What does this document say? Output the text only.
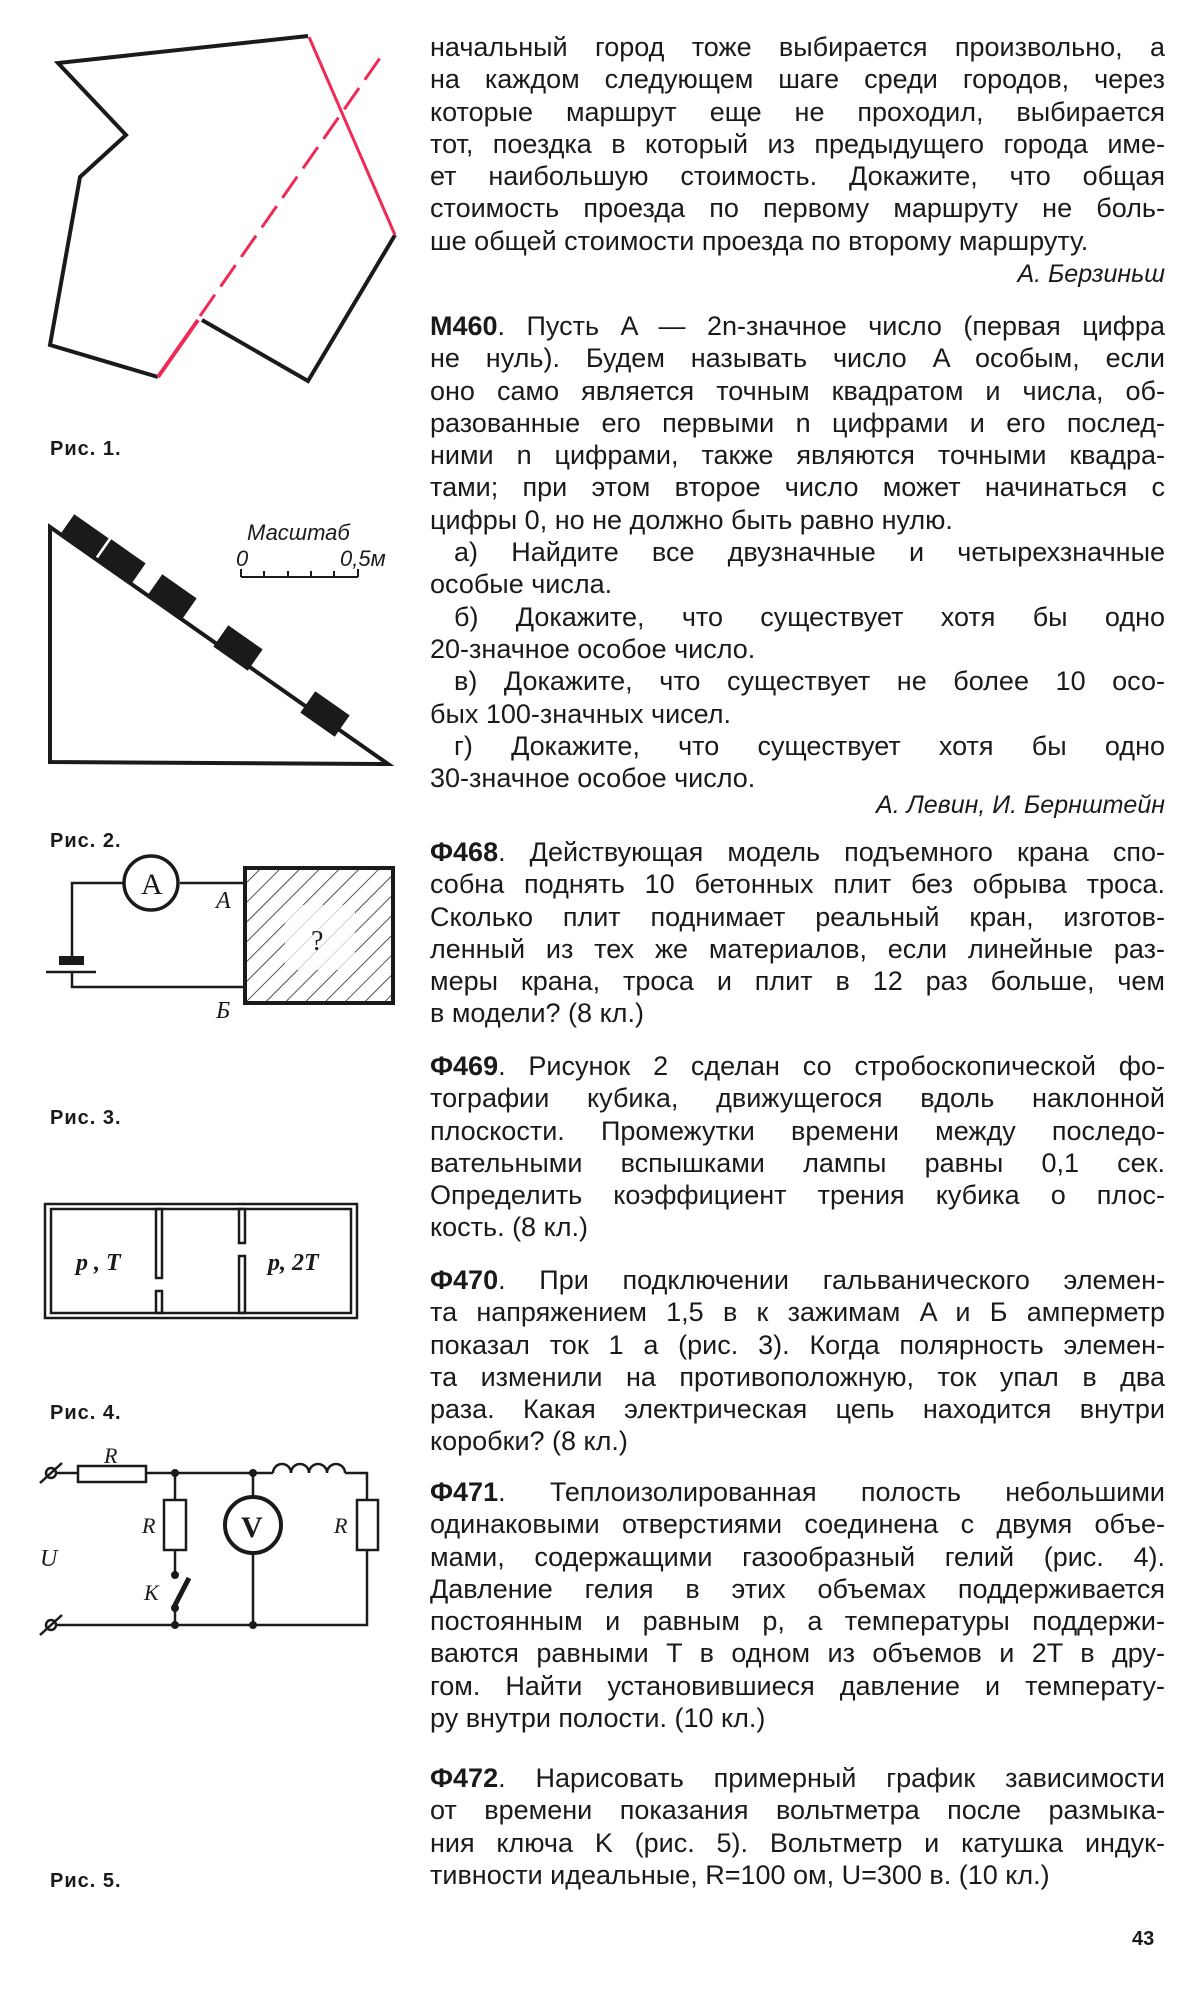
Масштаб
0	0,5м
A A
Б
?
p , T	p, 2T
R
R	R
V
U
K
Рис. 1.
Рис. 2.
Рис. 3.
Рис. 4.
Рис. 5.
начальный город тоже выбирается произвольно, а
на каждом следующем шаге среди городов, через
которые маршрут еще не проходил, выбирается
тот, поездка в который из предыдущего города име-
ет наибольшую стоимость. Докажите, что общая
стоимость проезда по первому маршруту не боль-
ше общей стоимости проезда по второму маршруту.
А. Берзиньш
М460. Пусть A — 2n-значное число (первая цифра
не нуль). Будем называть число A особым, если
оно само является точным квадратом и числа, об-
разованные его первыми n цифрами и его послед-
ними n цифрами, также являются точными квадра-
тами; при этом второе число может начинаться с
цифры 0, но не должно быть равно нулю.
а) Найдите все двузначные и четырехзначные
особые числа.
б) Докажите, что существует хотя бы одно
20-значное особое число.
в) Докажите, что существует не более 10 осо-
бых 100-значных чисел.
г) Докажите, что существует хотя бы одно
30-значное особое число.
А. Левин, И. Бернштейн
Ф468. Действующая модель подъемного крана спо-
собна поднять 10 бетонных плит без обрыва троса.
Сколько плит поднимает реальный кран, изготов-
ленный из тех же материалов, если линейные раз-
меры крана, троса и плит в 12 раз больше, чем
в модели? (8 кл.)
Ф469. Рисунок 2 сделан со стробоскопической фо-
тографии кубика, движущегося вдоль наклонной
плоскости. Промежутки времени между последо-
вательными вспышками лампы равны 0,1 сек.
Определить коэффициент трения кубика о плос-
кость. (8 кл.)
Ф470. При подключении гальванического элемен-
та напряжением 1,5 в к зажимам A и Б амперметр
показал ток 1 а (рис. 3). Когда полярность элемен-
та изменили на противоположную, ток упал в два
раза. Какая электрическая цепь находится внутри
коробки? (8 кл.)
Ф471. Теплоизолированная полость небольшими
одинаковыми отверстиями соединена с двумя объе-
мами, содержащими газообразный гелий (рис. 4).
Давление гелия в этих объемах поддерживается
постоянным и равным p, а температуры поддержи-
ваются равными T в одном из объемов и 2T в дру-
гом. Найти установившиеся давление и температу-
ру внутри полости. (10 кл.)
Ф472. Нарисовать примерный график зависимости
от времени показания вольтметра после размыка-
ния ключа K (рис. 5). Вольтметр и катушка индук-
тивности идеальные, R=100 ом, U=300 в. (10 кл.)
43
